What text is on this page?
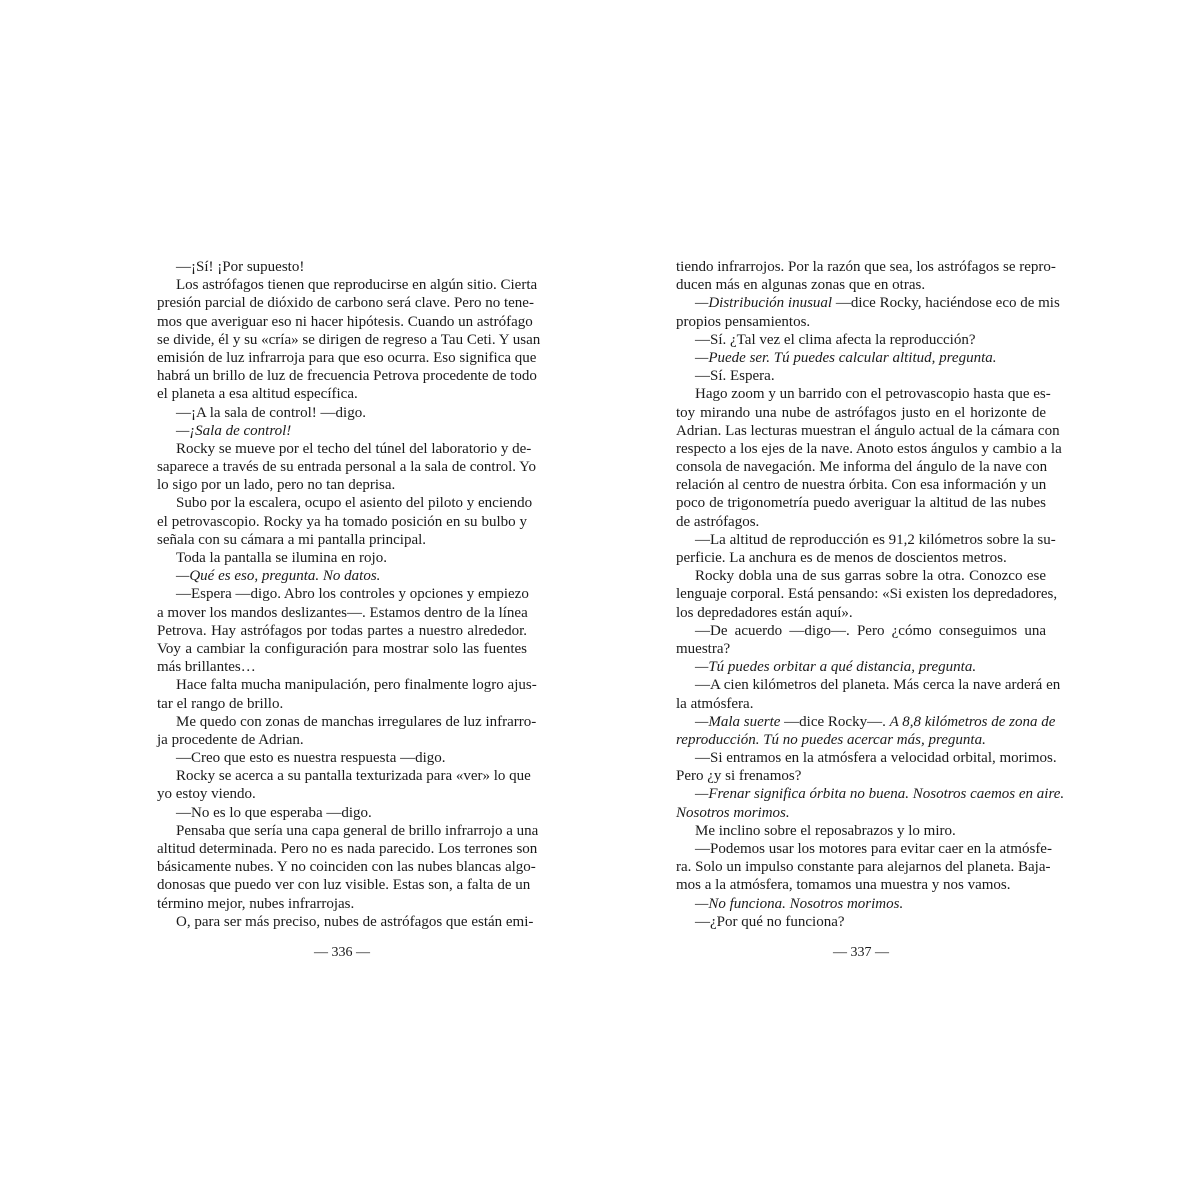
—¡Sí! ¡Por supuesto!
Los astrófagos tienen que reproducirse en algún sitio. Cierta
presión parcial de dióxido de carbono será clave. Pero no tene-
mos que averiguar eso ni hacer hipótesis. Cuando un astrófago
se divide, él y su «cría» se dirigen de regreso a Tau Ceti. Y usan
emisión de luz infrarroja para que eso ocurra. Eso significa que
habrá un brillo de luz de frecuencia Petrova procedente de todo
el planeta a esa altitud específica.
—¡A la sala de control! —digo.
—¡Sala de control!
Rocky se mueve por el techo del túnel del laboratorio y de-
saparece a través de su entrada personal a la sala de control. Yo
lo sigo por un lado, pero no tan deprisa.
Subo por la escalera, ocupo el asiento del piloto y enciendo
el petrovascopio. Rocky ya ha tomado posición en su bulbo y
señala con su cámara a mi pantalla principal.
Toda la pantalla se ilumina en rojo.
—Qué es eso, pregunta. No datos.
—Espera —digo. Abro los controles y opciones y empiezo
a mover los mandos deslizantes—. Estamos dentro de la línea
Petrova. Hay astrófagos por todas partes a nuestro alrededor.
Voy a cambiar la configuración para mostrar solo las fuentes
más brillantes…
Hace falta mucha manipulación, pero finalmente logro ajus-
tar el rango de brillo.
Me quedo con zonas de manchas irregulares de luz infrarro-
ja procedente de Adrian.
—Creo que esto es nuestra respuesta —digo.
Rocky se acerca a su pantalla texturizada para «ver» lo que
yo estoy viendo.
—No es lo que esperaba —digo.
Pensaba que sería una capa general de brillo infrarrojo a una
altitud determinada. Pero no es nada parecido. Los terrones son
básicamente nubes. Y no coinciden con las nubes blancas algo-
donosas que puedo ver con luz visible. Estas son, a falta de un
término mejor, nubes infrarrojas.
O, para ser más preciso, nubes de astrófagos que están emi-
— 336 —
tiendo infrarrojos. Por la razón que sea, los astrófagos se repro-
ducen más en algunas zonas que en otras.
—Distribución inusual —dice Rocky, haciéndose eco de mis
propios pensamientos.
—Sí. ¿Tal vez el clima afecta la reproducción?
—Puede ser. Tú puedes calcular altitud, pregunta.
—Sí. Espera.
Hago zoom y un barrido con el petrovascopio hasta que es-
toy mirando una nube de astrófagos justo en el horizonte de
Adrian. Las lecturas muestran el ángulo actual de la cámara con
respecto a los ejes de la nave. Anoto estos ángulos y cambio a la
consola de navegación. Me informa del ángulo de la nave con
relación al centro de nuestra órbita. Con esa información y un
poco de trigonometría puedo averiguar la altitud de las nubes
de astrófagos.
—La altitud de reproducción es 91,2 kilómetros sobre la su-
perficie. La anchura es de menos de doscientos metros.
Rocky dobla una de sus garras sobre la otra. Conozco ese
lenguaje corporal. Está pensando: «Si existen los depredadores,
los depredadores están aquí».
—De acuerdo —digo—. Pero ¿cómo conseguimos una
muestra?
—Tú puedes orbitar a qué distancia, pregunta.
—A cien kilómetros del planeta. Más cerca la nave arderá en
la atmósfera.
—Mala suerte —dice Rocky—. A 8,8 kilómetros de zona de
reproducción. Tú no puedes acercar más, pregunta.
—Si entramos en la atmósfera a velocidad orbital, morimos.
Pero ¿y si frenamos?
—Frenar significa órbita no buena. Nosotros caemos en aire.
Nosotros morimos.
Me inclino sobre el reposabrazos y lo miro.
—Podemos usar los motores para evitar caer en la atmósfe-
ra. Solo un impulso constante para alejarnos del planeta. Baja-
mos a la atmósfera, tomamos una muestra y nos vamos.
—No funciona. Nosotros morimos.
—¿Por qué no funciona?
— 337 —
